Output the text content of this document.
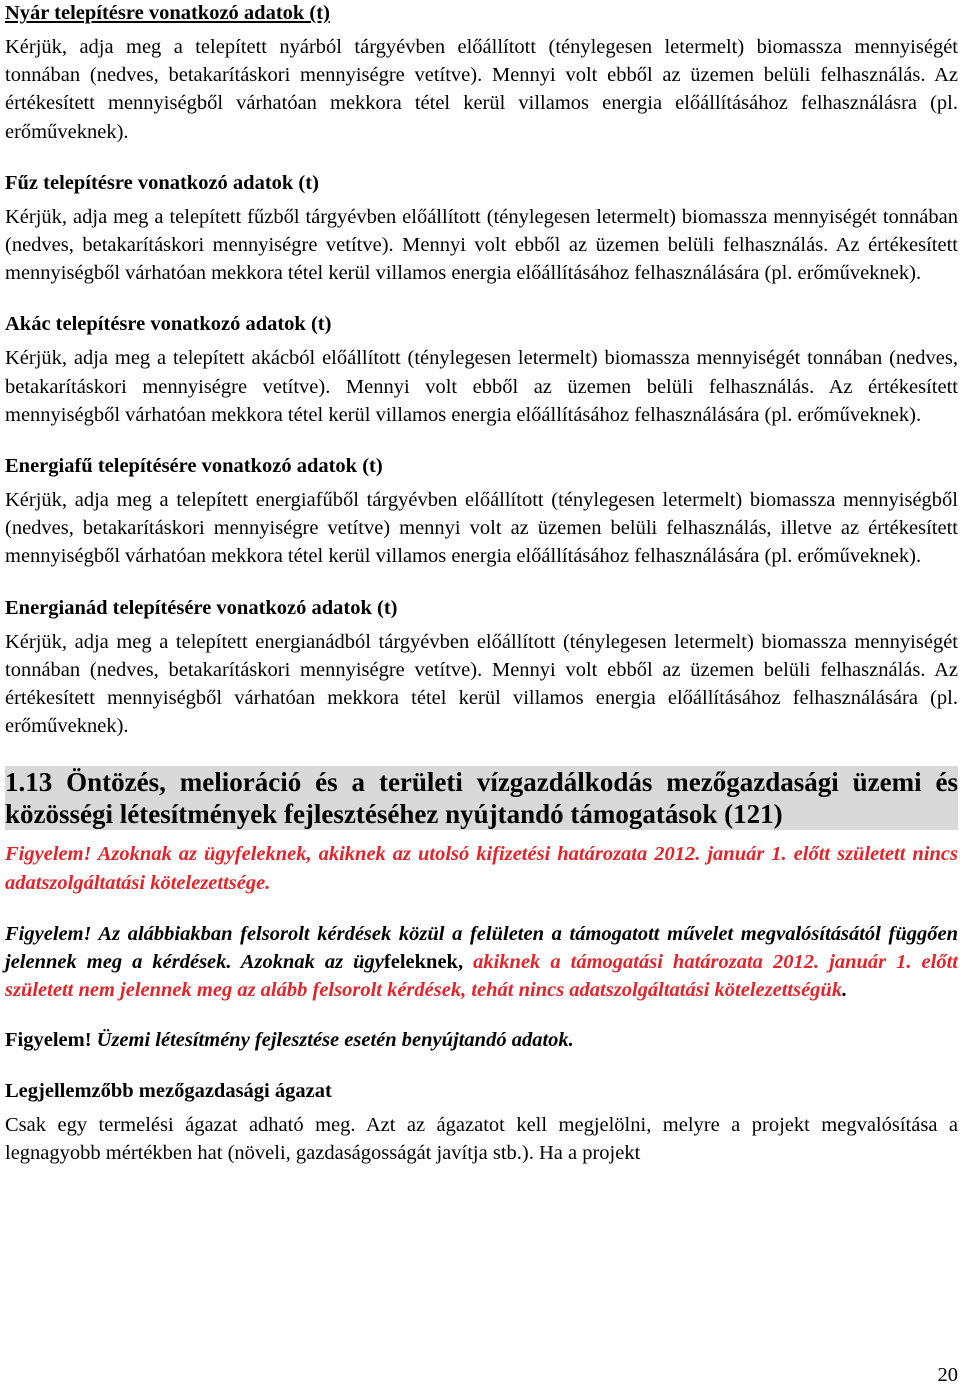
Nyár telepítésre vonatkozó adatok (t)

Kérjük, adja meg a telepített nyárból tárgyévben előállított (ténylegesen letermelt) biomassza mennyiségét tonnában (nedves, betakarításkori mennyiségre vetítve). Mennyi volt ebből az üzemen belüli felhasználás. Az értékesített mennyiségből várhatóan mekkora tétel kerül villamos energia előállításához felhasználásra (pl. erőműveknek).

Fűz telepítésre vonatkozó adatok (t)

Kérjük, adja meg a telepített fűzből tárgyévben előállított (ténylegesen letermelt) biomassza mennyiségét tonnában (nedves, betakarításkori mennyiségre vetítve). Mennyi volt ebből az üzemen belüli felhasználás. Az értékesített mennyiségből várhatóan mekkora tétel kerül villamos energia előállításához felhasználására (pl. erőműveknek).

Akác telepítésre vonatkozó adatok (t)

Kérjük, adja meg a telepített akácból előállított (ténylegesen letermelt) biomassza mennyiségét tonnában (nedves, betakarításkori mennyiségre vetítve). Mennyi volt ebből az üzemen belüli felhasználás. Az értékesített mennyiségből várhatóan mekkora tétel kerül villamos energia előállításához felhasználására (pl. erőműveknek).

Energiafű telepítésére vonatkozó adatok (t)

Kérjük, adja meg a telepített energiafűből tárgyévben előállított (ténylegesen letermelt) biomassza mennyiségből (nedves, betakarításkori mennyiségre vetítve) mennyi volt az üzemen belüli felhasználás, illetve az értékesített mennyiségből várhatóan mekkora tétel kerül villamos energia előállításához felhasználására (pl. erőműveknek).

Energianád telepítésére vonatkozó adatok (t)

Kérjük, adja meg a telepített energianádból tárgyévben előállított (ténylegesen letermelt) biomassza mennyiségét tonnában (nedves, betakarításkori mennyiségre vetítve). Mennyi volt ebből az üzemen belüli felhasználás. Az értékesített mennyiségből várhatóan mekkora tétel kerül villamos energia előállításához felhasználására (pl. erőműveknek).

1.13 Öntözés, melioráció és a területi vízgazdálkodás mezőgazdasági üzemi és közösségi létesítmények fejlesztéséhez nyújtandó támogatások (121)

Figyelem! Azoknak az ügyfeleknek, akiknek az utolsó kifizetési határozata 2012. január 1. előtt született nincs adatszolgáltatási kötelezettsége.

Figyelem! Az alábbiakban felsorolt kérdések közül a felületen a támogatott művelet megvalósításától függően jelennek meg a kérdések. Azoknak az ügyfeleknek, akiknek a támogatási határozata 2012. január 1. előtt született nem jelennek meg az alább felsorolt kérdések, tehát nincs adatszolgáltatási kötelezettségük.

Figyelem! Üzemi létesítmény fejlesztése esetén benyújtandó adatok.

Legjellemzőbb mezőgazdasági ágazat

Csak egy termelési ágazat adható meg. Azt az ágazatot kell megjelölni, melyre a projekt megvalósítása a legnagyobb mértékben hat (növeli, gazdaságosságát javítja stb.). Ha a projekt

20
